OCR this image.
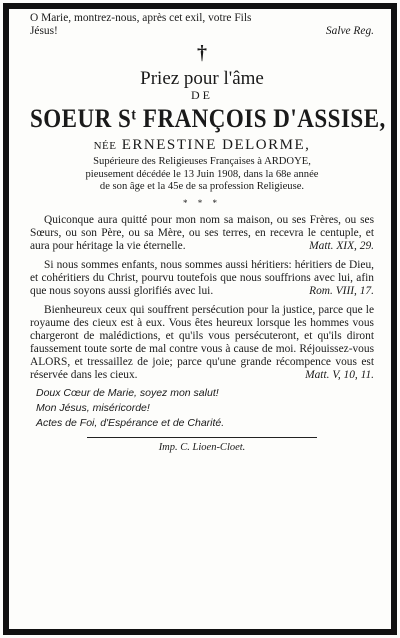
O Marie, montrez-nous, après cet exil, votre Fils
Jésus!	Salve Reg.
†
Priez pour l'âme
DE
SOEUR Sᵗ FRANÇOIS D'ASSISE,
NÉE ERNESTINE DELORME,
Supérieure des Religieuses Françaises à ARDOYE,
pieusement décédée le 13 Juin 1908, dans la 68e année
de son âge et la 45e de sa profession Religieuse.
* * *
Quiconque aura quitté pour mon nom sa maison, ou ses Frères, ou ses Sœurs, ou son Père, ou sa Mère, ou ses terres, en recevra le centuple, et aura pour héritage la vie éternelle.	Matt. XIX, 29.
Si nous sommes enfants, nous sommes aussi héritiers: héritiers de Dieu, et cohéritiers du Christ, pourvu toutefois que nous souffrions avec lui, afin que nous soyons aussi glorifiés avec lui.	Rom. VIII, 17.
Bienheureux ceux qui souffrent persécution pour la justice, parce que le royaume des cieux est à eux. Vous êtes heureux lorsque les hommes vous chargeront de malédictions, et qu'ils vous persécuteront, et qu'ils diront faussement toute sorte de mal contre vous à cause de moi. Réjouissez-vous ALORS, et tressaillez de joie; parce qu'une grande récompence vous est réservée dans les cieux.	Matt. V, 10, 11.
Doux Cœur de Marie, soyez mon salut!
Mon Jésus, miséricorde!
Actes de Foi, d'Espérance et de Charité.
Imp. C. Lioen-Cloet.
